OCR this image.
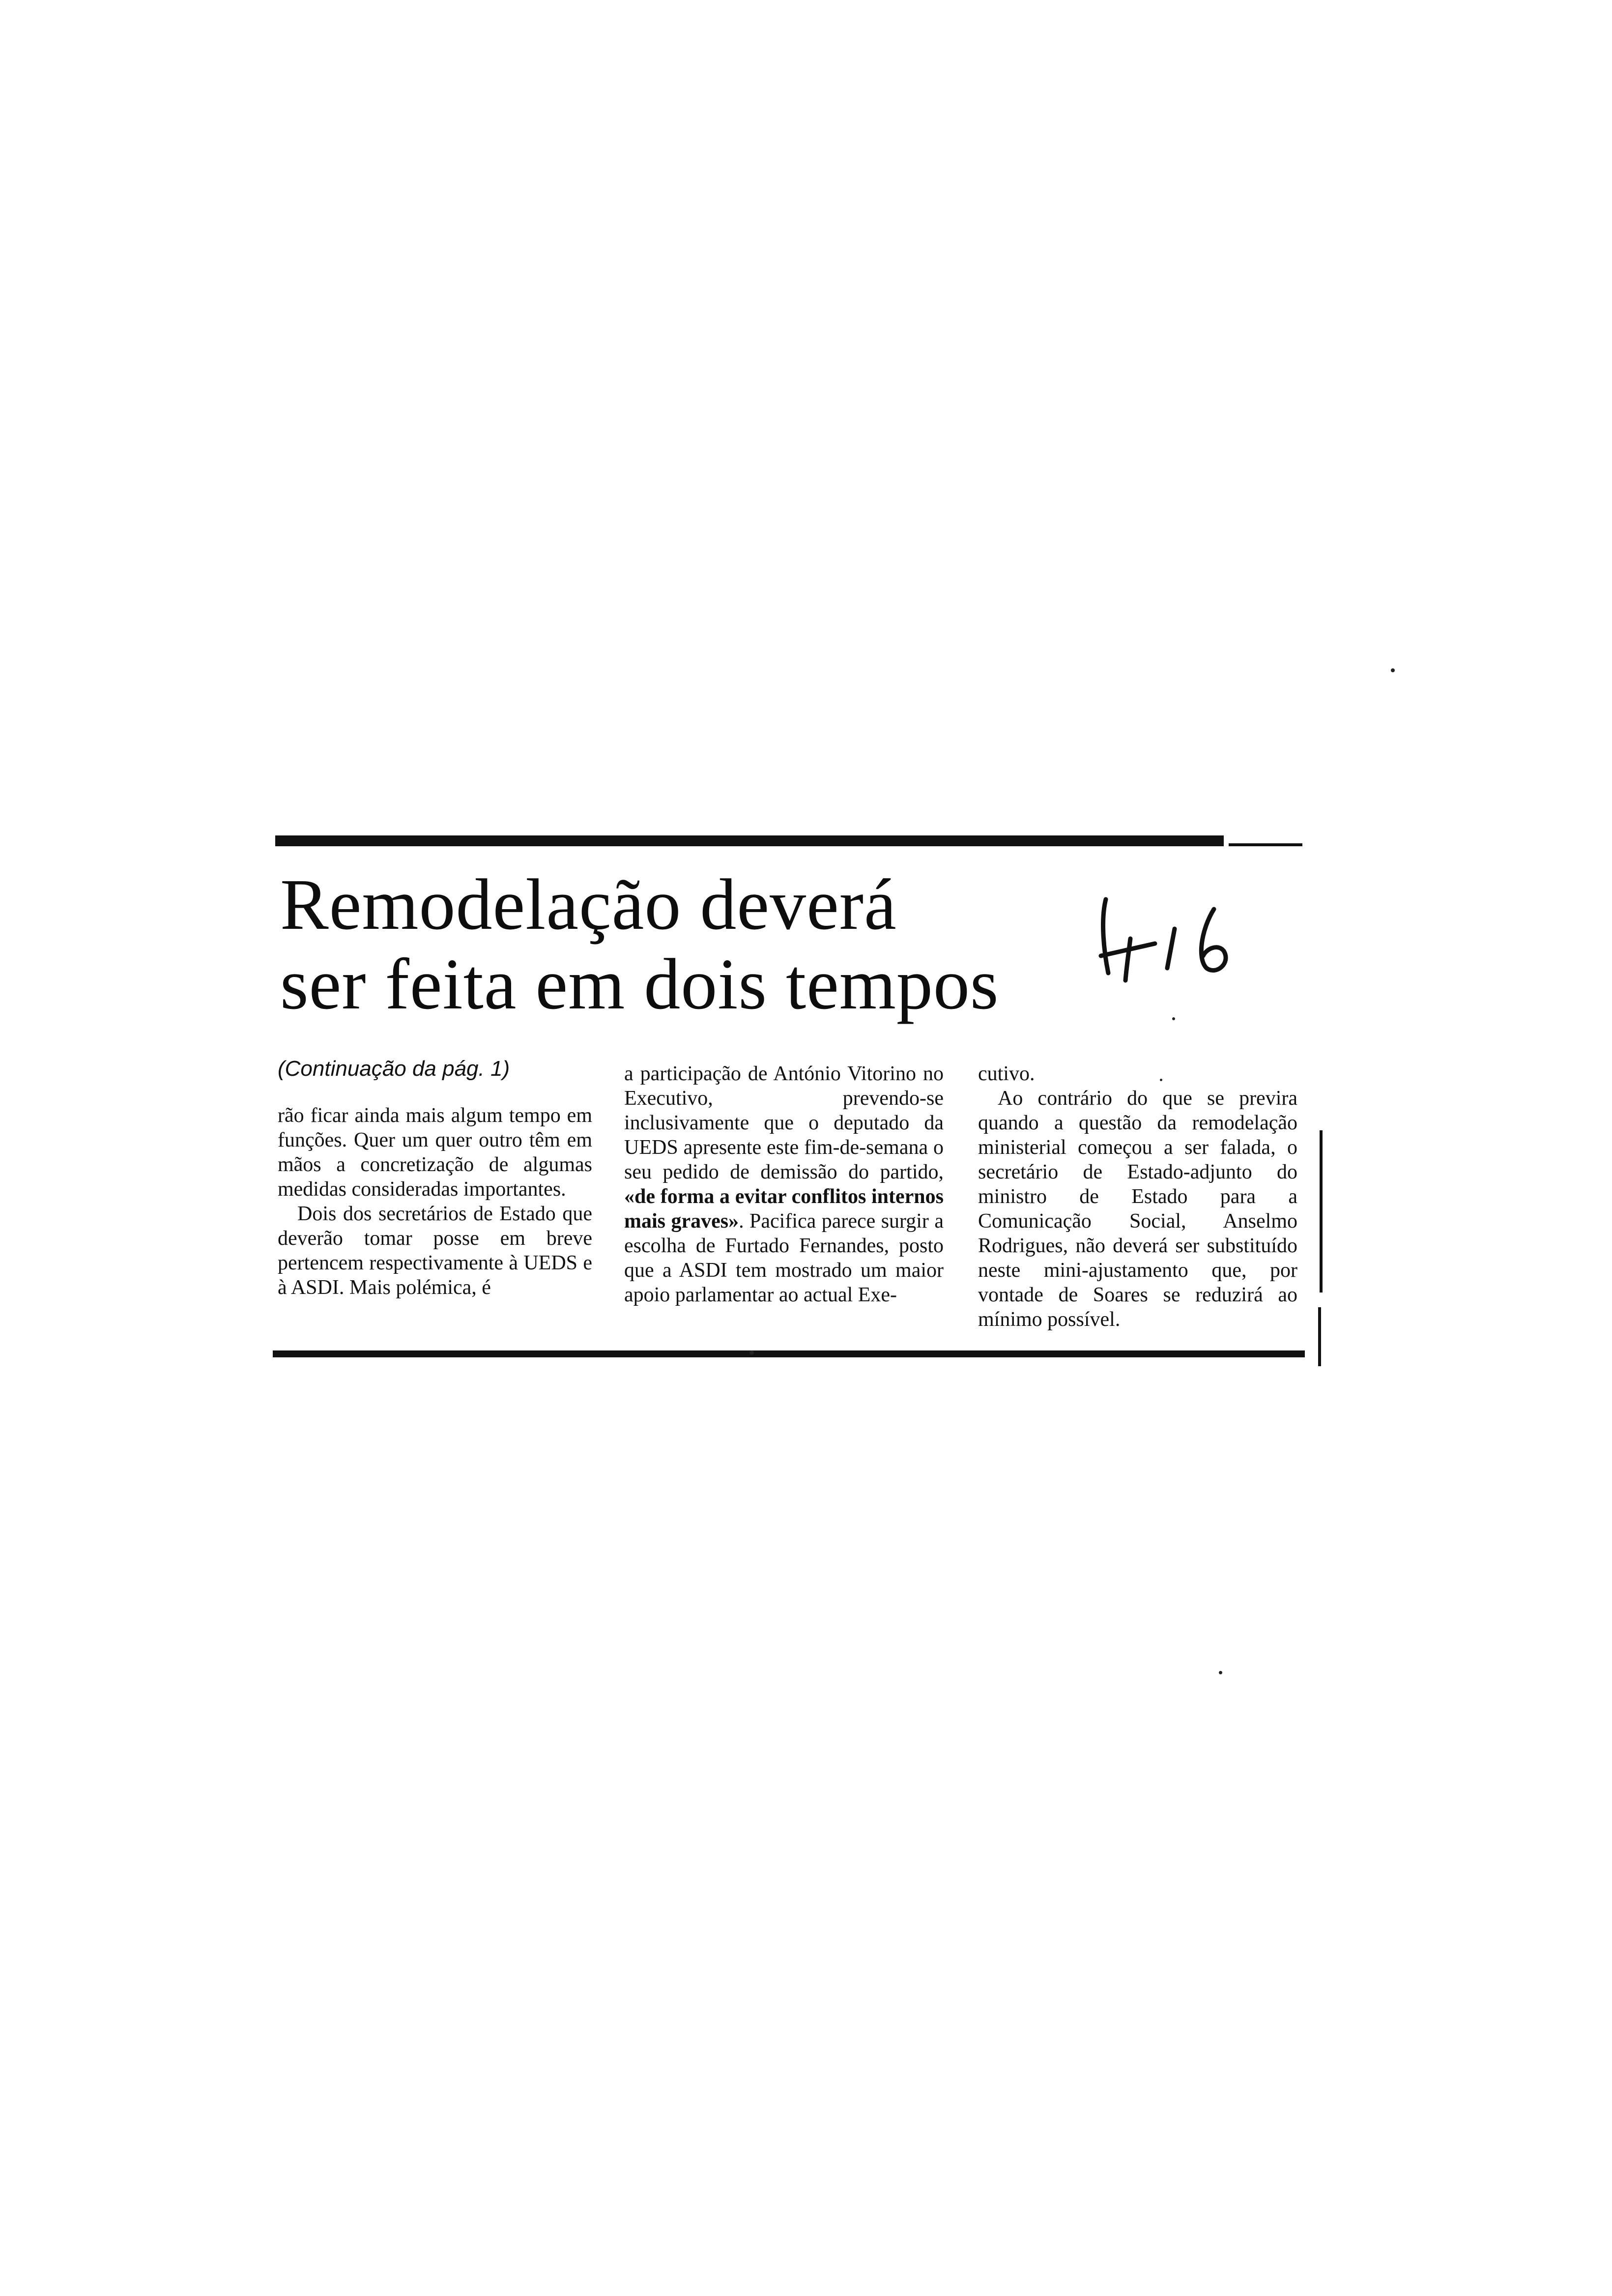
Remodelação deverá
ser feita em dois tempos

(Continuação da pág. 1)

rão ficar ainda mais algum tempo em funções. Quer um quer outro têm em mãos a concretização de algumas medidas consideradas importantes.

Dois dos secretários de Estado que deverão tomar posse em breve pertencem respectivamente à UEDS e à ASDI. Mais polémica, é

a participação de António Vitorino no Executivo, prevendo-se inclusivamente que o deputado da UEDS apresente este fim-de-semana o seu pedido de demissão do partido, «de forma a evitar conflitos internos mais graves». Pacifica parece surgir a escolha de Furtado Fernandes, posto que a ASDI tem mostrado um maior apoio parlamentar ao actual Exe-

cutivo.

Ao contrário do que se previra quando a questão da remodelação ministerial começou a ser falada, o secretário de Estado-adjunto do ministro de Estado para a Comunicação Social, Anselmo Rodrigues, não deverá ser substituído neste mini-ajustamento que, por vontade de Soares se reduzirá ao mínimo possível.
